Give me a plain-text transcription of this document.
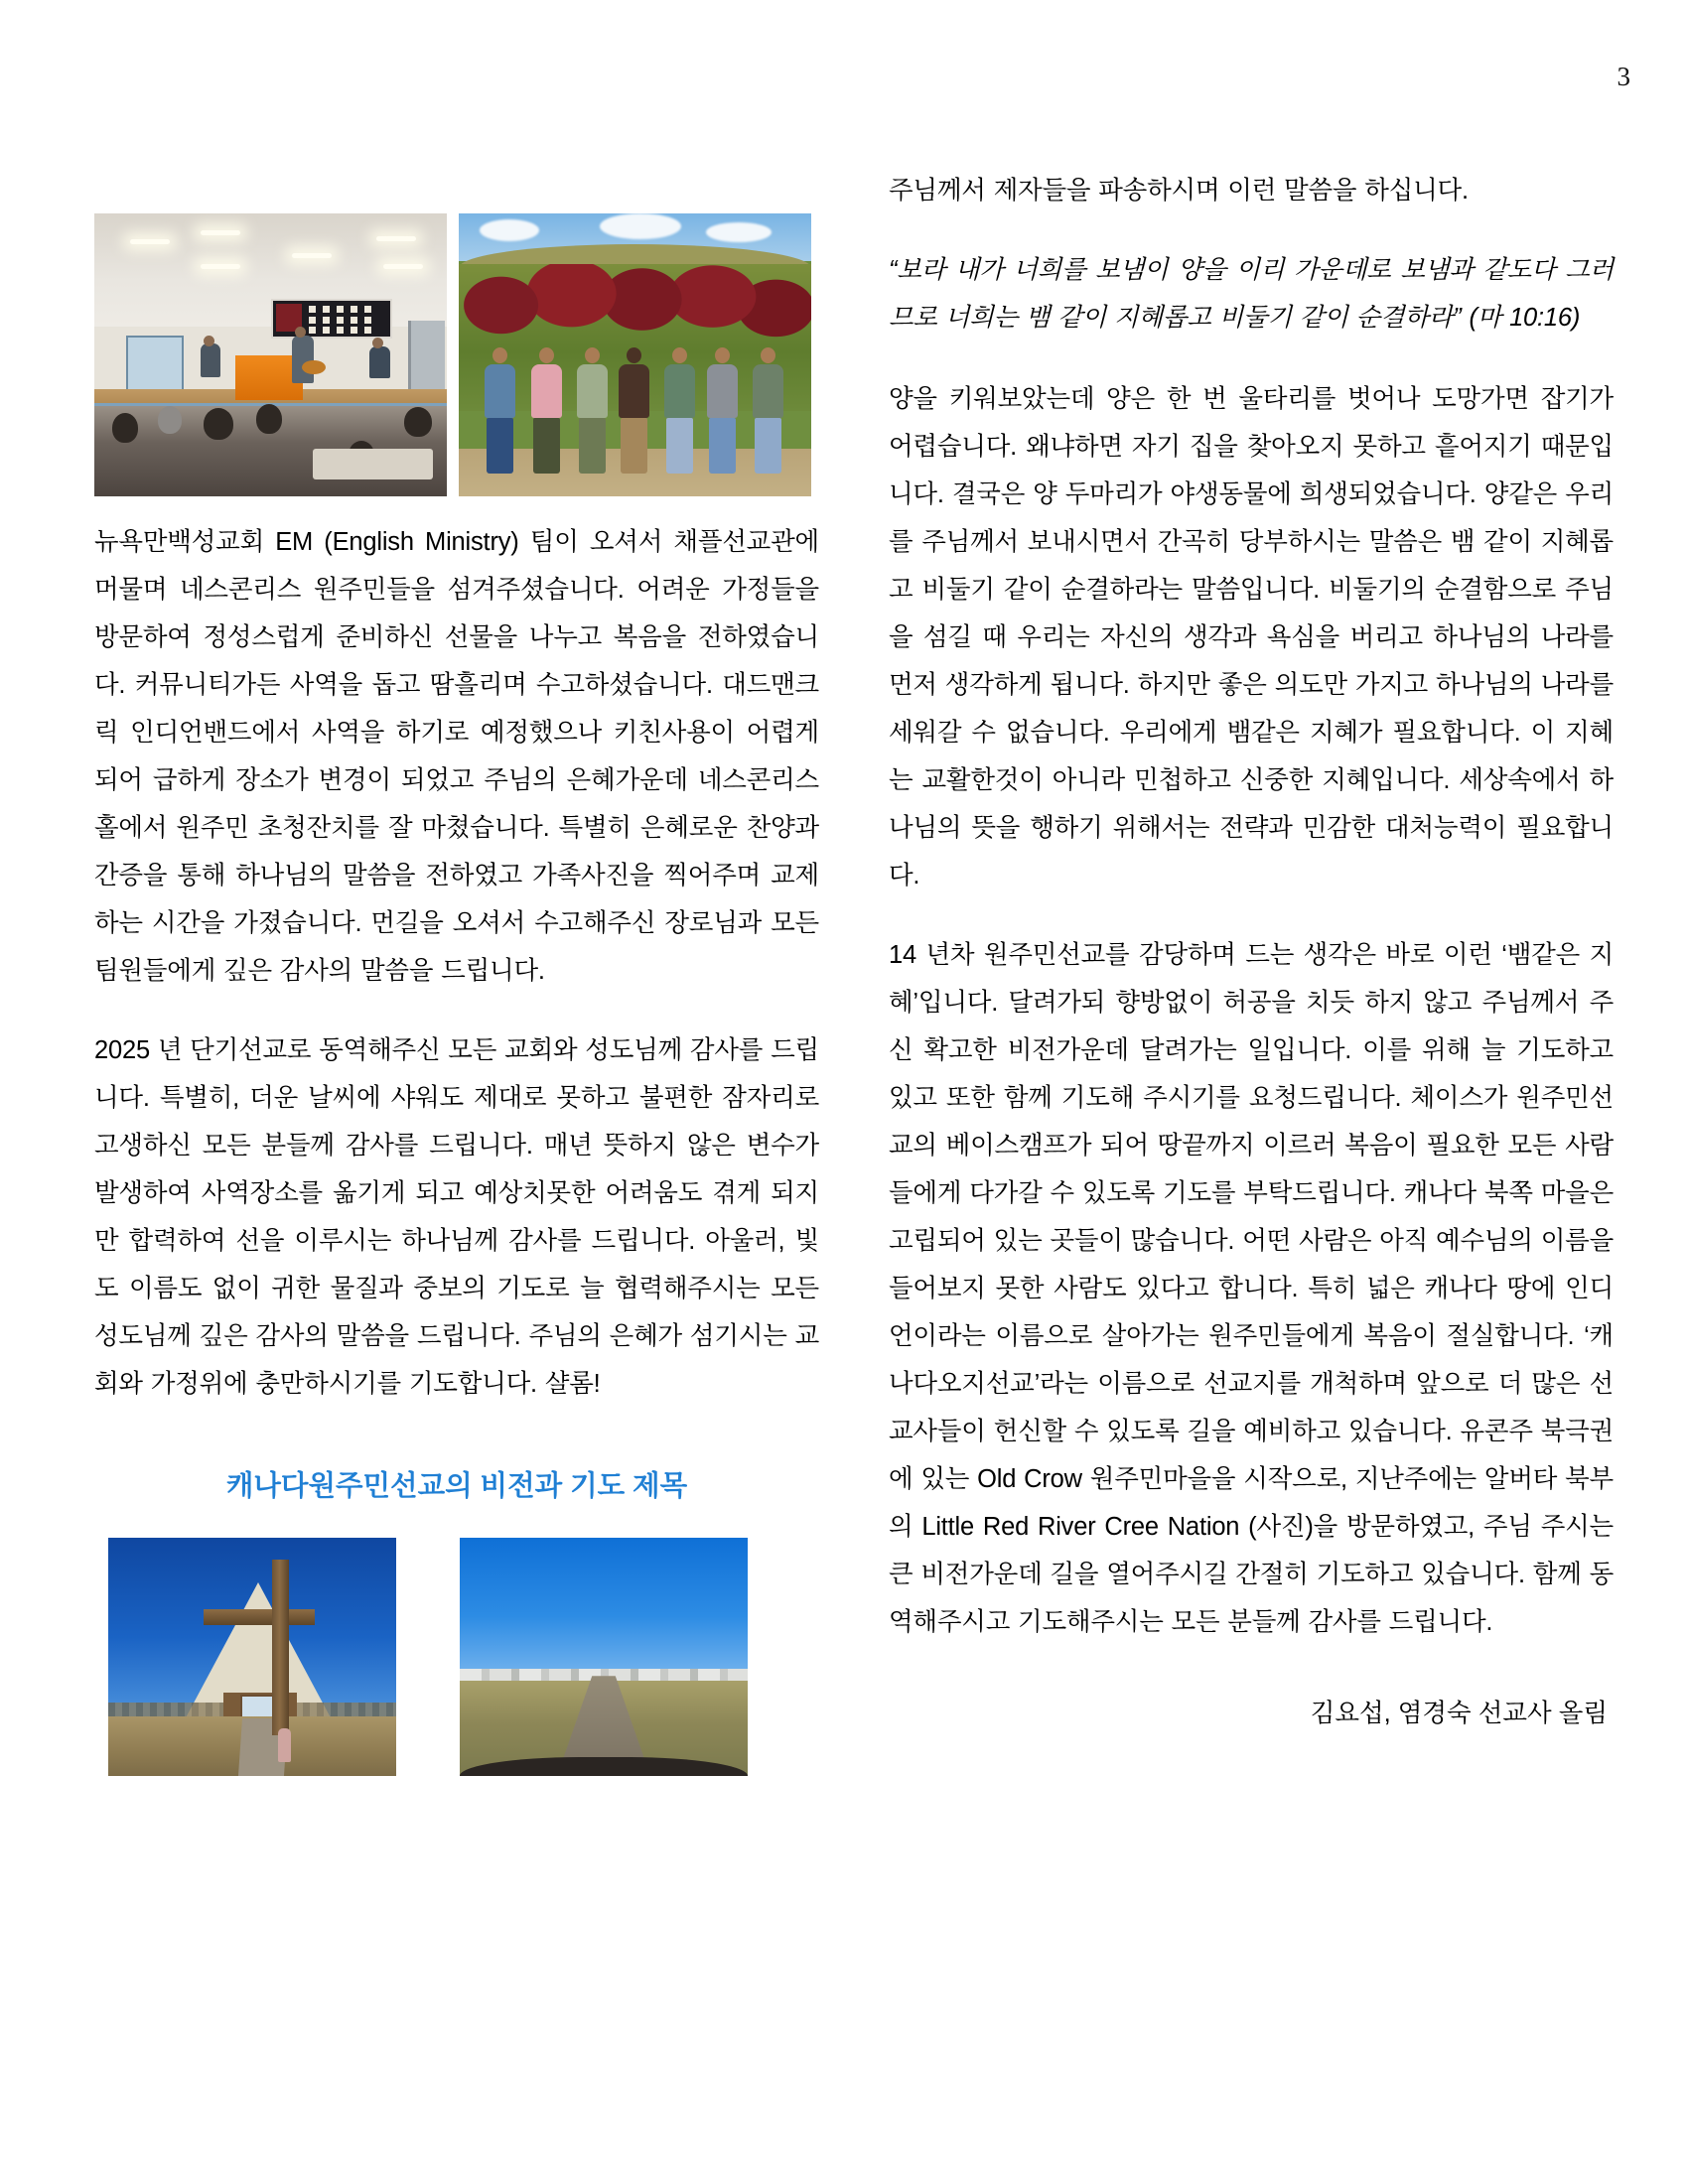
3

뉴욕만백성교회 EM (English Ministry) 팀이 오셔서 채플선교관에 머물며 네스콘리스 원주민들을 섬겨주셨습니다. 어려운 가정들을 방문하여 정성스럽게 준비하신 선물을 나누고 복음을 전하였습니다. 커뮤니티가든 사역을 돕고 땀흘리며 수고하셨습니다. 대드맨크릭 인디언밴드에서 사역을 하기로 예정했으나 키친사용이 어렵게되어 급하게 장소가 변경이 되었고 주님의 은혜가운데 네스콘리스 홀에서 원주민 초청잔치를 잘 마쳤습니다. 특별히 은혜로운 찬양과 간증을 통해 하나님의 말씀을 전하였고 가족사진을 찍어주며 교제하는 시간을 가졌습니다. 먼길을 오셔서 수고해주신 장로님과 모든 팀원들에게 깊은 감사의 말씀을 드립니다.

2025 년 단기선교로 동역해주신 모든 교회와 성도님께 감사를 드립니다. 특별히, 더운 날씨에 샤워도 제대로 못하고 불편한 잠자리로 고생하신 모든 분들께 감사를 드립니다. 매년 뜻하지 않은 변수가 발생하여 사역장소를 옮기게 되고 예상치못한 어려움도 겪게 되지만 합력하여 선을 이루시는 하나님께 감사를 드립니다. 아울러, 빛도 이름도 없이 귀한 물질과 중보의 기도로 늘 협력해주시는 모든 성도님께 깊은 감사의 말씀을 드립니다. 주님의 은혜가 섬기시는 교회와 가정위에 충만하시기를 기도합니다. 샬롬!

캐나다원주민선교의 비전과 기도 제목

주님께서 제자들을 파송하시며 이런 말씀을 하십니다.

“보라 내가 너희를 보냄이 양을 이리 가운데로 보냄과 같도다 그러므로 너희는 뱀 같이 지혜롭고 비둘기 같이 순결하라” (마 10:16)

양을 키워보았는데 양은 한 번 울타리를 벗어나 도망가면 잡기가 어렵습니다. 왜냐하면 자기 집을 찾아오지 못하고 흩어지기 때문입니다. 결국은 양 두마리가 야생동물에 희생되었습니다. 양같은 우리를 주님께서 보내시면서 간곡히 당부하시는 말씀은 뱀 같이 지혜롭고 비둘기 같이 순결하라는 말씀입니다. 비둘기의 순결함으로 주님을 섬길 때 우리는 자신의 생각과 욕심을 버리고 하나님의 나라를 먼저 생각하게 됩니다. 하지만 좋은 의도만 가지고 하나님의 나라를 세워갈 수 없습니다. 우리에게 뱀같은 지혜가 필요합니다. 이 지혜는 교활한것이 아니라 민첩하고 신중한 지혜입니다. 세상속에서 하나님의 뜻을 행하기 위해서는 전략과 민감한 대처능력이 필요합니다.

14 년차 원주민선교를 감당하며 드는 생각은 바로 이런 ‘뱀같은 지혜’입니다. 달려가되 향방없이 허공을 치듯 하지 않고 주님께서 주신 확고한 비전가운데 달려가는 일입니다. 이를 위해 늘 기도하고 있고 또한 함께 기도해 주시기를 요청드립니다. 체이스가 원주민선교의 베이스캠프가 되어 땅끝까지 이르러 복음이 필요한 모든 사람들에게 다가갈 수 있도록 기도를 부탁드립니다. 캐나다 북쪽 마을은 고립되어 있는 곳들이 많습니다. 어떤 사람은 아직 예수님의 이름을 들어보지 못한 사람도 있다고 합니다. 특히 넓은 캐나다 땅에 인디언이라는 이름으로 살아가는 원주민들에게 복음이 절실합니다. ‘캐나다오지선교’라는 이름으로 선교지를 개척하며 앞으로 더 많은 선교사들이 헌신할 수 있도록 길을 예비하고 있습니다. 유콘주 북극권에 있는 Old Crow 원주민마을을 시작으로, 지난주에는 알버타 북부의 Little Red River Cree Nation (사진)을 방문하였고, 주님 주시는 큰 비전가운데 길을 열어주시길 간절히 기도하고 있습니다. 함께 동역해주시고 기도해주시는 모든 분들께 감사를 드립니다.

김요섭, 염경숙 선교사 올림
